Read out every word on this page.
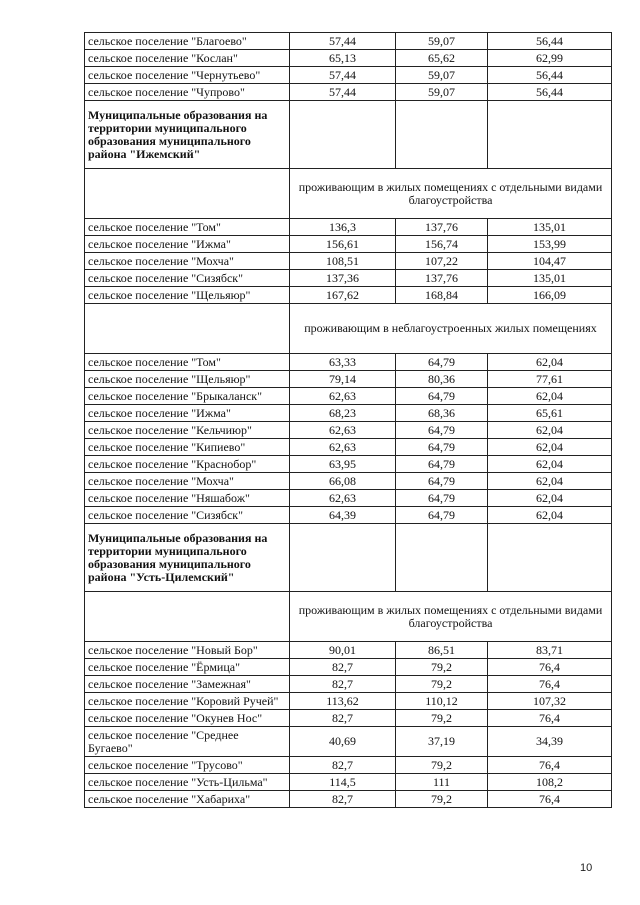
сельское поселение "Благоево"	57,44	59,07	56,44
сельское поселение "Кослан"	65,13	65,62	62,99
сельское поселение "Чернутьево"	57,44	59,07	56,44
сельское поселение "Чупрово"	57,44	59,07	56,44
Муниципальные образования на территории муниципального образования муниципального района "Ижемский"			
	проживающим в жилых помещениях с отдельными видами благоустройства		
сельское поселение "Том"	136,3	137,76	135,01
сельское поселение "Ижма"	156,61	156,74	153,99
сельское поселение "Мохча"	108,51	107,22	104,47
сельское поселение "Сизябск"	137,36	137,76	135,01
сельское поселение "Щельяюр"	167,62	168,84	166,09
	проживающим в неблагоустроенных жилых помещениях		
сельское поселение "Том"	63,33	64,79	62,04
сельское поселение "Щельяюр"	79,14	80,36	77,61
сельское поселение "Брыкаланск"	62,63	64,79	62,04
сельское поселение "Ижма"	68,23	68,36	65,61
сельское поселение "Кельчиюр"	62,63	64,79	62,04
сельское поселение "Кипиево"	62,63	64,79	62,04
сельское поселение "Краснобор"	63,95	64,79	62,04
сельское поселение "Мохча"	66,08	64,79	62,04
сельское поселение "Няшабож"	62,63	64,79	62,04
сельское поселение "Сизябск"	64,39	64,79	62,04
Муниципальные образования на территории муниципального образования муниципального района "Усть-Цилемский"			
	проживающим в жилых помещениях с отдельными видами благоустройства		
сельское поселение "Новый Бор"	90,01	86,51	83,71
сельское поселение "Ёрмица"	82,7	79,2	76,4
сельское поселение "Замежная"	82,7	79,2	76,4
сельское поселение "Коровий Ручей"	113,62	110,12	107,32
сельское поселение "Окунев Нос"	82,7	79,2	76,4
сельское поселение "Среднее Бугаево"	40,69	37,19	34,39
сельское поселение "Трусово"	82,7	79,2	76,4
сельское поселение "Усть-Цильма"	114,5	111	108,2
сельское поселение "Хабариха"	82,7	79,2	76,4
10
